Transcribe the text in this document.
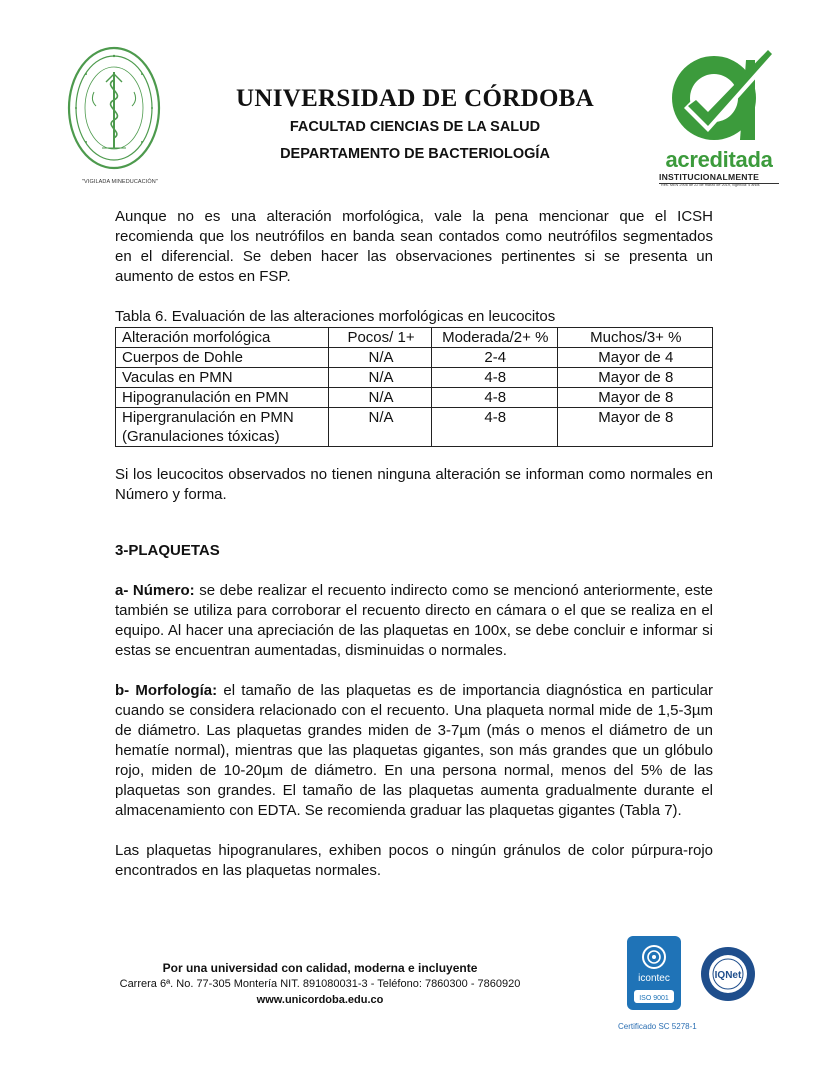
"VIGILADA MINEDUCACIÓN"
UNIVERSIDAD DE CÓRDOBA
FACULTAD CIENCIAS DE LA SALUD
DEPARTAMENTO DE BACTERIOLOGÍA	acreditada
INSTITUCIONALMENTE
Res. MEN 2906 de 22 de marzo de 2019, vigencia: 4 años

Aunque no es una alteración morfológica, vale la pena mencionar que el ICSH recomienda que los neutrófilos en banda sean contados como neutrófilos segmentados en el diferencial. Se deben hacer las observaciones pertinentes si se presenta un aumento de estos en FSP.

Tabla 6. Evaluación de las alteraciones morfológicas en leucocitos

Alteración morfológica	Pocos/ 1+	Moderada/2+ %	Muchos/3+ %
Cuerpos de Dohle	N/A	2-4	Mayor de 4
Vaculas en PMN	N/A	4-8	Mayor de 8
Hipogranulación en PMN	N/A	4-8	Mayor de 8
Hipergranulación en PMN (Granulaciones tóxicas)	N/A	4-8	Mayor de 8

Si los leucocitos observados no tienen ninguna alteración se informan como normales en Número y forma.

3-PLAQUETAS

a- Número: se debe realizar el recuento indirecto como se mencionó anteriormente, este también se utiliza para corroborar el recuento directo en cámara o el que se realiza en el equipo. Al hacer una apreciación de las plaquetas en 100x, se debe concluir e informar si estas se encuentran aumentadas, disminuidas o normales.

b- Morfología: el tamaño de las plaquetas es de importancia diagnóstica en particular cuando se considera relacionado con el recuento. Una plaqueta normal mide de 1,5-3µm de diámetro. Las plaquetas grandes miden de 3-7µm (más o menos el diámetro de un hematíe normal), mientras que las plaquetas gigantes, son más grandes que un glóbulo rojo, miden de 10-20µm de diámetro. En una persona normal, menos del 5% de las plaquetas son grandes. El tamaño de las plaquetas aumenta gradualmente durante el almacenamiento con EDTA. Se recomienda graduar las plaquetas gigantes (Tabla 7).

Las plaquetas hipogranulares, exhiben pocos o ningún gránulos de color púrpura-rojo encontrados en las plaquetas normales.

Por una universidad con calidad, moderna e incluyente
Carrera 6ª. No. 77-305 Montería NIT. 891080031-3 - Teléfono: 7860300 - 7860920
www.unicordoba.edu.co
icontec
ISO 9001
IQNet
Certificado SC 5278-1
